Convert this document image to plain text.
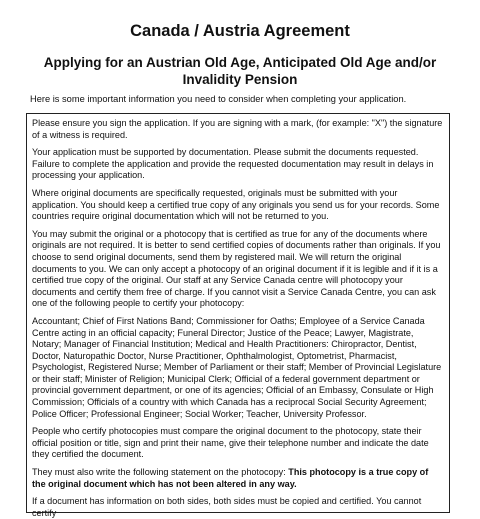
Canada / Austria Agreement
Applying for an Austrian Old Age, Anticipated Old Age and/or Invalidity Pension

Here is some important information you need to consider when completing your application.

Please ensure you sign the application. If you are signing with a mark, (for example: "X") the signature of a witness is required.

Your application must be supported by documentation. Please submit the documents requested. Failure to complete the application and provide the requested documentation may result in delays in processing your application.

Where original documents are specifically requested, originals must be submitted with your application. You should keep a certified true copy of any originals you send us for your records. Some countries require original documentation which will not be returned to you.

You may submit the original or a photocopy that is certified as true for any of the documents where originals are not required. It is better to send certified copies of documents rather than originals. If you choose to send original documents, send them by registered mail. We will return the original documents to you. We can only accept a photocopy of an original document if it is legible and if it is a certified true copy of the original. Our staff at any Service Canada centre will photocopy your documents and certify them free of charge. If you cannot visit a Service Canada Centre, you can ask one of the following people to certify your photocopy:

Accountant; Chief of First Nations Band; Commissioner for Oaths; Employee of a Service Canada Centre acting in an official capacity; Funeral Director; Justice of the Peace; Lawyer, Magistrate, Notary; Manager of Financial Institution; Medical and Health Practitioners: Chiropractor, Dentist, Doctor, Naturopathic Doctor, Nurse Practitioner, Ophthalmologist, Optometrist, Pharmacist, Psychologist, Registered Nurse; Member of Parliament or their staff; Member of Provincial Legislature or their staff; Minister of Religion; Municipal Clerk; Official of a federal government department or provincial government department, or one of its agencies; Official of an Embassy, Consulate or High Commission; Officials of a country with which Canada has a reciprocal Social Security Agreement; Police Officer; Professional Engineer; Social Worker; Teacher, University Professor.

People who certify photocopies must compare the original document to the photocopy, state their official position or title, sign and print their name, give their telephone number and indicate the date they certified the document.

They must also write the following statement on the photocopy: This photocopy is a true copy of the original document which has not been altered in any way.

If a document has information on both sides, both sides must be copied and certified. You cannot certify
